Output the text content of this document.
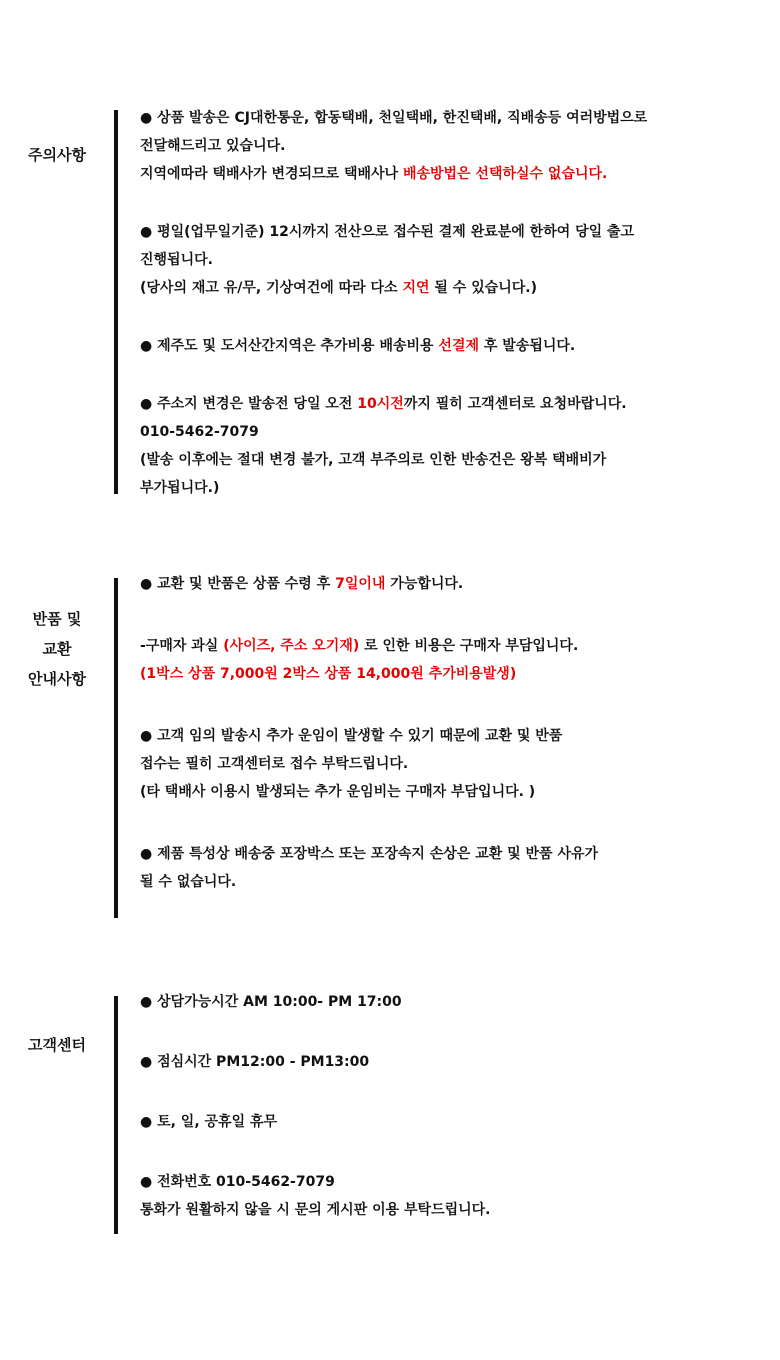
주의사항
● 상품 발송은 CJ대한통운, 합동택배, 천일택배, 한진택배, 직배송등 여러방법으로
전달해드리고 있습니다.
지역에따라 택배사가 변경되므로 택배사나 배송방법은 선택하실수 없습니다.
● 평일(업무일기준) 12시까지 전산으로 접수된 결제 완료분에 한하여 당일 출고
진행됩니다.
(당사의 재고 유/무, 기상여건에 따라 다소 지연 될 수 있습니다.)
● 제주도 및 도서산간지역은 추가비용 배송비용 선결제 후 발송됩니다.
● 주소지 변경은 발송전 당일 오전 10시전까지 필히 고객센터로 요청바랍니다.
010-5462-7079
(발송 이후에는 절대 변경 불가, 고객 부주의로 인한 반송건은 왕복 택배비가
부가됩니다.)
반품 및
교환
안내사항
● 교환 및 반품은 상품 수령 후 7일이내 가능합니다.
-구매자 과실 (사이즈, 주소 오기재) 로 인한 비용은 구매자 부담입니다.
(1박스 상품 7,000원 2박스 상품 14,000원 추가비용발생)
● 고객 임의 발송시 추가 운임이 발생할 수 있기 때문에 교환 및 반품
접수는 필히 고객센터로 접수 부탁드립니다.
(타 택배사 이용시 발생되는 추가 운임비는 구매자 부담입니다. )
● 제품 특성상 배송중 포장박스 또는 포장속지 손상은 교환 및 반품 사유가
될 수 없습니다.
고객센터
● 상담가능시간 AM 10:00- PM 17:00
● 점심시간 PM12:00 - PM13:00
● 토, 일, 공휴일 휴무
● 전화번호 010-5462-7079
통화가 원활하지 않을 시 문의 게시판 이용 부탁드립니다.
